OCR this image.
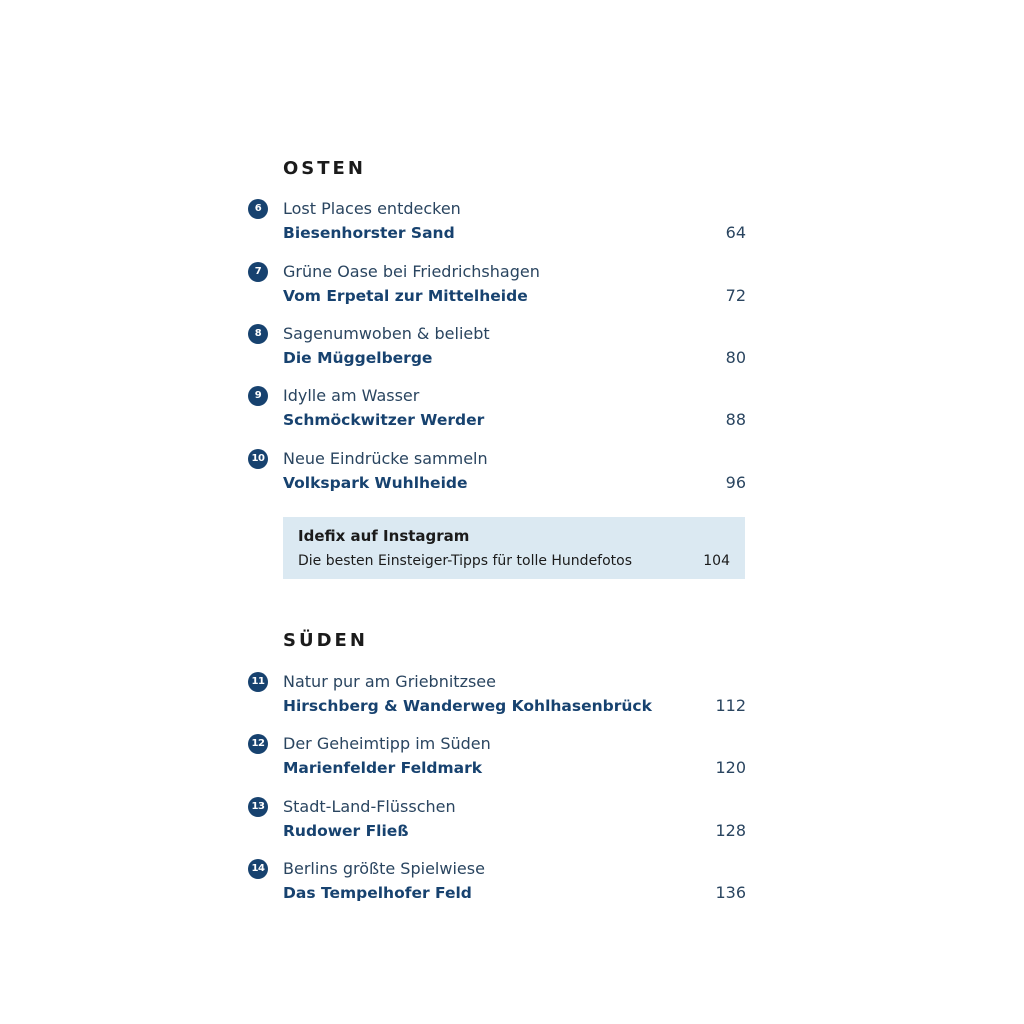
OSTEN
6	Lost Places entdecken
Biesenhorster Sand	64
7	Grüne Oase bei Friedrichshagen
Vom Erpetal zur Mittelheide	72
8	Sagenumwoben & beliebt
Die Müggelberge	80
9	Idylle am Wasser
Schmöckwitzer Werder	88
10 Neue Eindrücke sammeln
Volkspark Wuhlheide	96
Idefix auf Instagram
Die besten Einsteiger-Tipps für tolle Hundefotos	104
SÜDEN
11 Natur pur am Griebnitzsee
Hirschberg & Wanderweg Kohlhasenbrück	112
12 Der Geheimtipp im Süden
Marienfelder Feldmark	120
13 Stadt-Land-Flüsschen
Rudower Fließ	128
14 Berlins größte Spielwiese
Das Tempelhofer Feld	136
